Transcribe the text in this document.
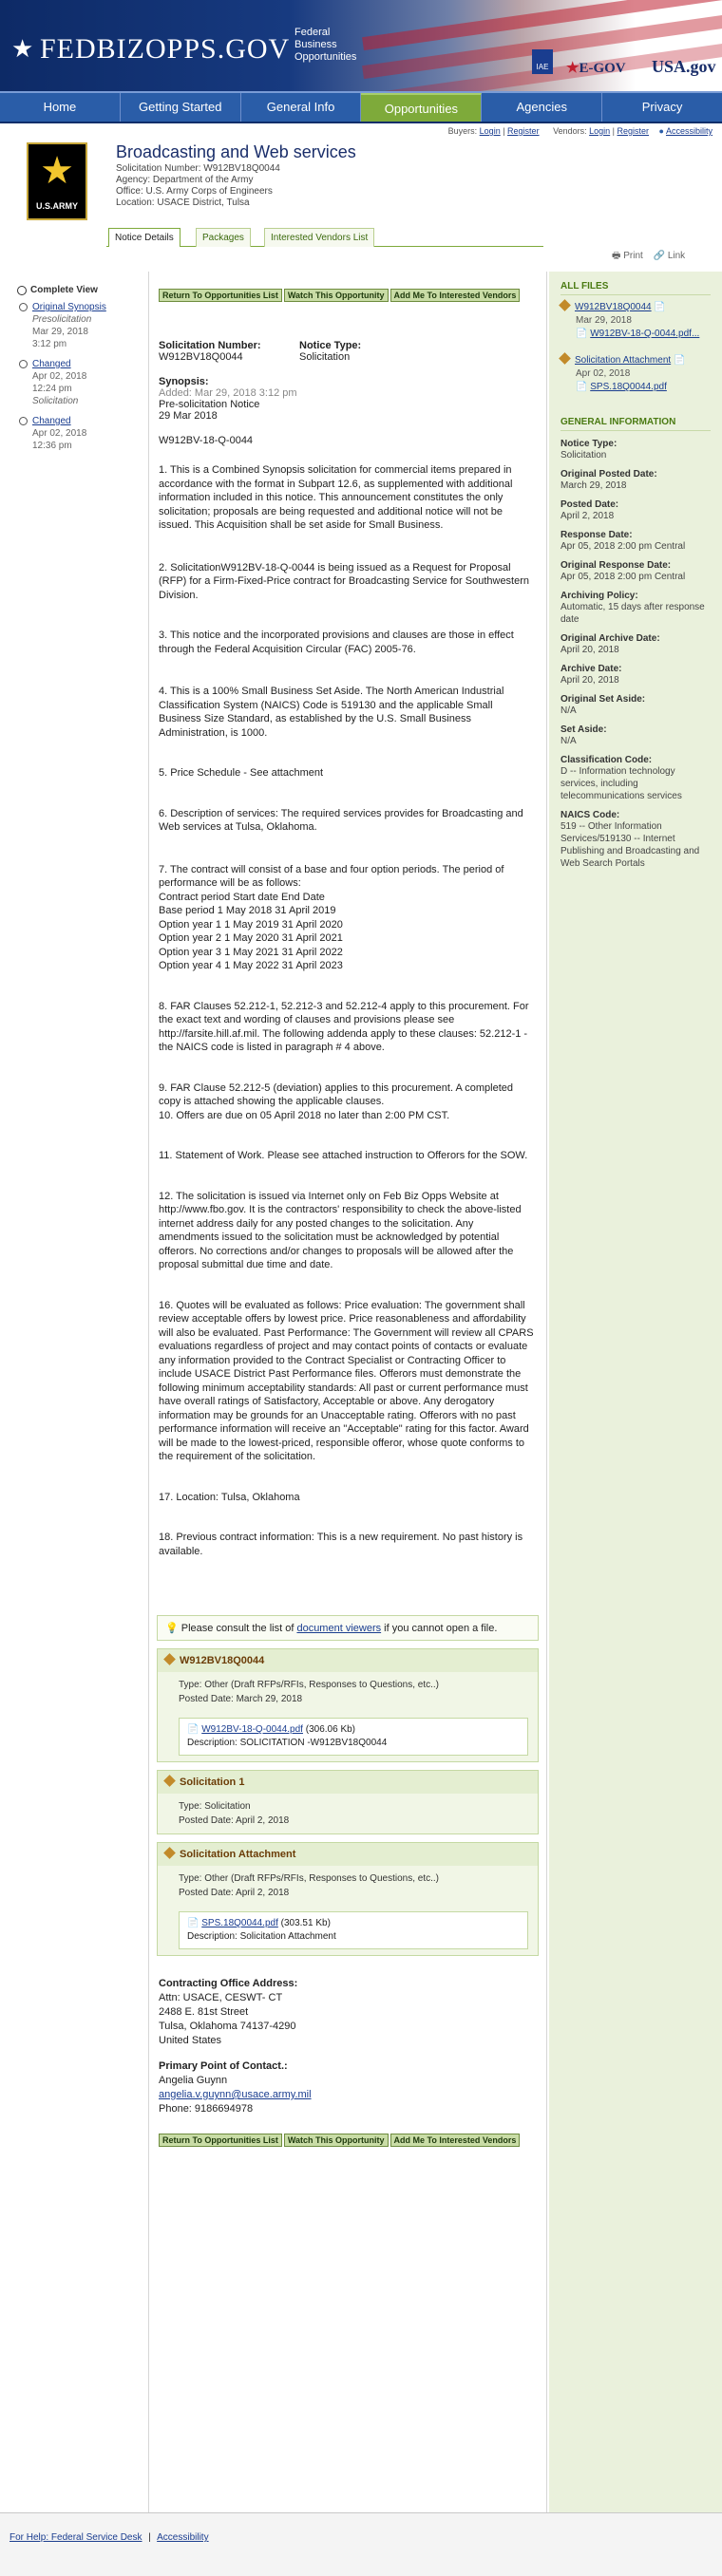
★ FEDBIZOPPS.GOV
Federal
Business
Opportunities
IAE	★E-GOV USA.gov
Home	Getting Started	General Info	Opportunities	Agencies	Privacy
Buyers: Login | Register Vendors: Login | Register ● Accessibility
★
U.S.ARMY
Broadcasting and Web services
Solicitation Number: W912BV18Q0044
Agency: Department of the Army
Office: U.S. Army Corps of Engineers
Location: USACE District, Tulsa
Notice Details	Packages	Interested Vendors List
🖶 Print 🔗 Link
Complete View
Original Synopsis
Presolicitation
Mar 29, 2018
3:12 pm
Changed
Apr 02, 2018
12:24 pm
Solicitation
Changed
Apr 02, 2018
12:36 pm
Return To Opportunities List	Watch This Opportunity	Add Me To Interested Vendors
Solicitation Number:
W912BV18Q0044
Notice Type:
Solicitation
Synopsis:
Added: Mar 29, 2018 3:12 pm
Pre-solicitation Notice
29 Mar 2018
W912BV-18-Q-0044

1. This is a Combined Synopsis solicitation for commercial items prepared in accordance with the format in Subpart 12.6, as supplemented with additional information included in this notice. This announcement constitutes the only solicitation; proposals are being requested and additional notice will not be issued. This Acquisition shall be set aside for Small Business.

2. SolicitationW912BV-18-Q-0044 is being issued as a Request for Proposal (RFP) for a Firm-Fixed-Price contract for Broadcasting Service for Southwestern Division.

3. This notice and the incorporated provisions and clauses are those in effect through the Federal Acquisition Circular (FAC) 2005-76.

4. This is a 100% Small Business Set Aside. The North American Industrial Classification System (NAICS) Code is 519130 and the applicable Small Business Size Standard, as established by the U.S. Small Business Administration, is 1000.

5. Price Schedule - See attachment

6. Description of services: The required services provides for Broadcasting and Web services at Tulsa, Oklahoma.

7. The contract will consist of a base and four option periods. The period of performance will be as follows:

Contract period Start date End Date

Base period 1 May 2018 31 April 2019

Option year 1 1 May 2019 31 April 2020

Option year 2 1 May 2020 31 April 2021

Option year 3 1 May 2021 31 April 2022

Option year 4 1 May 2022 31 April 2023

8. FAR Clauses 52.212-1, 52.212-3 and 52.212-4 apply to this procurement. For the exact text and wording of clauses and provisions please see http://farsite.hill.af.mil. The following addenda apply to these clauses: 52.212-1 - the NAICS code is listed in paragraph # 4 above.

9. FAR Clause 52.212-5 (deviation) applies to this procurement. A completed copy is attached showing the applicable clauses.

10. Offers are due on 05 April 2018 no later than 2:00 PM CST.

11. Statement of Work. Please see attached instruction to Offerors for the SOW.

12. The solicitation is issued via Internet only on Feb Biz Opps Website at http://www.fbo.gov. It is the contractors' responsibility to check the above-listed internet address daily for any posted changes to the solicitation. Any amendments issued to the solicitation must be acknowledged by potential offerors. No corrections and/or changes to proposals will be allowed after the proposal submittal due time and date.

16. Quotes will be evaluated as follows: Price evaluation: The government shall review acceptable offers by lowest price. Price reasonableness and affordability will also be evaluated. Past Performance: The Government will review all CPARS evaluations regardless of project and may contact points of contacts or evaluate any information provided to the Contract Specialist or Contracting Officer to include USACE District Past Performance files. Offerors must demonstrate the following minimum acceptability standards: All past or current performance must have overall ratings of Satisfactory, Acceptable or above. Any derogatory information may be grounds for an Unacceptable rating. Offerors with no past performance information will receive an "Acceptable" rating for this factor. Award will be made to the lowest-priced, responsible offeror, whose quote conforms to the requirement of the solicitation.

17. Location: Tulsa, Oklahoma

18. Previous contract information: This is a new requirement. No past history is available.

💡 Please consult the list of document viewers if you cannot open a file.
W912BV18Q0044
Type: Other (Draft RFPs/RFIs, Responses to Questions, etc..)
Posted Date: March 29, 2018
📄 W912BV-18-Q-0044.pdf (306.06 Kb)
Description: SOLICITATION -W912BV18Q0044
Solicitation 1
Type: Solicitation
Posted Date: April 2, 2018
Solicitation Attachment
Type: Other (Draft RFPs/RFIs, Responses to Questions, etc..)
Posted Date: April 2, 2018
📄 SPS.18Q0044.pdf (303.51 Kb)
Description: Solicitation Attachment
Contracting Office Address:
Attn: USACE, CESWT- CT
2488 E. 81st Street
Tulsa, Oklahoma 74137-4290
United States
Primary Point of Contact.:
Angelia Guynn
angelia.v.guynn@usace.army.mil
Phone: 9186694978
Return To Opportunities List	Watch This Opportunity	Add Me To Interested Vendors
ALL FILES
W912BV18Q0044 📄
Mar 29, 2018
📄 W912BV-18-Q-0044.pdf...
Solicitation Attachment 📄
Apr 02, 2018
📄 SPS.18Q0044.pdf
GENERAL INFORMATION
Notice Type:
Solicitation
Original Posted Date:
March 29, 2018
Posted Date:
April 2, 2018
Response Date:
Apr 05, 2018 2:00 pm Central
Original Response Date:
Apr 05, 2018 2:00 pm Central
Archiving Policy:
Automatic, 15 days after response date
Original Archive Date:
April 20, 2018
Archive Date:
April 20, 2018
Original Set Aside:
N/A
Set Aside:
N/A
Classification Code:
D -- Information technology services, including telecommunications services
NAICS Code:
519 -- Other Information Services/519130 -- Internet Publishing and Broadcasting and Web Search Portals
For Help: Federal Service Desk | Accessibility
